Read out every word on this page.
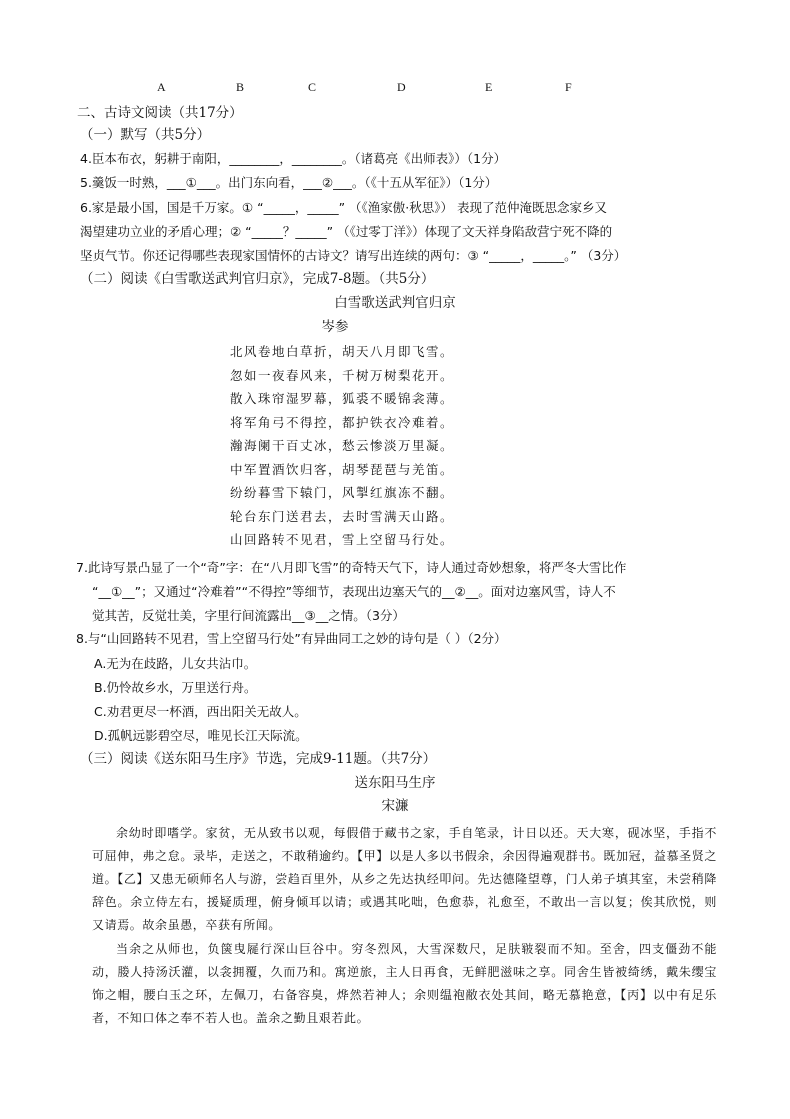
A	B	C	D	E	F
二、古诗文阅读（共17分）
（一）默写（共5分）
4.臣本布衣，躬耕于南阳，________，________。（诸葛亮《出师表》）（1分）
5.羹饭一时熟，___①___。出门东向看，___②___。（《十五从军征》）（1分）
6.家是最小国，国是千万家。① “_____，_____” （《渔家傲·秋思》） 表现了范仲淹既思念家乡又
渴望建功立业的矛盾心理；② “_____？_____” （《过零丁洋》）体现了文天祥身陷敌营宁死不降的
坚贞气节。你还记得哪些表现家国情怀的古诗文？请写出连续的两句：③ “_____，_____。” （3分）
（二）阅读《白雪歌送武判官归京》，完成7-8题。（共5分）
白雪歌送武判官归京
岑参
北风卷地白草折，胡天八月即飞雪。
忽如一夜春风来，千树万树梨花开。
散入珠帘湿罗幕，狐裘不暖锦衾薄。
将军角弓不得控，都护铁衣冷难着。
瀚海阑干百丈冰，愁云惨淡万里凝。
中军置酒饮归客，胡琴琵琶与羌笛。
纷纷暮雪下辕门，风掣红旗冻不翻。
轮台东门送君去，去时雪满天山路。
山回路转不见君，雪上空留马行处。
7.此诗写景凸显了一个“奇”字：在“八月即飞雪”的奇特天气下，诗人通过奇妙想象，将严冬大雪比作
“__①__”；又通过“冷难着”“不得控”等细节，表现出边塞天气的__②__。面对边塞风雪，诗人不
觉其苦，反觉壮美，字里行间流露出__③__之情。（3分）
8.与“山回路转不见君，雪上空留马行处”有异曲同工之妙的诗句是（ ）（2分）
A.无为在歧路，儿女共沾巾。
B.仍怜故乡水，万里送行舟。
C.劝君更尽一杯酒，西出阳关无故人。
D.孤帆远影碧空尽，唯见长江天际流。
（三）阅读《送东阳马生序》节选，完成9-11题。（共7分）
送东阳马生序
宋濂
余幼时即嗜学。家贫，无从致书以观，每假借于藏书之家，手自笔录，计日以还。天大寒，砚冰坚，手指不可屈伸，弗之怠。录毕，走送之，不敢稍逾约。【甲】以是人多以书假余，余因得遍观群书。既加冠，益慕圣贤之道。【乙】又患无硕师名人与游，尝趋百里外，从乡之先达执经叩问。先达德隆望尊，门人弟子填其室，未尝稍降辞色。余立侍左右，援疑质理，俯身倾耳以请；或遇其叱咄，色愈恭，礼愈至，不敢出一言以复；俟其欣悦，则又请焉。故余虽愚，卒获有所闻。
当余之从师也，负箧曳屣行深山巨谷中。穷冬烈风，大雪深数尺，足肤皲裂而不知。至舍，四支僵劲不能动，媵人持汤沃灌，以衾拥覆，久而乃和。寓逆旅，主人日再食，无鲜肥滋味之享。同舍生皆被绮绣，戴朱缨宝饰之帽，腰白玉之环，左佩刀，右备容臭，烨然若神人；余则缊袍敝衣处其间，略无慕艳意，【丙】以中有足乐者，不知口体之奉不若人也。盖余之勤且艰若此。
